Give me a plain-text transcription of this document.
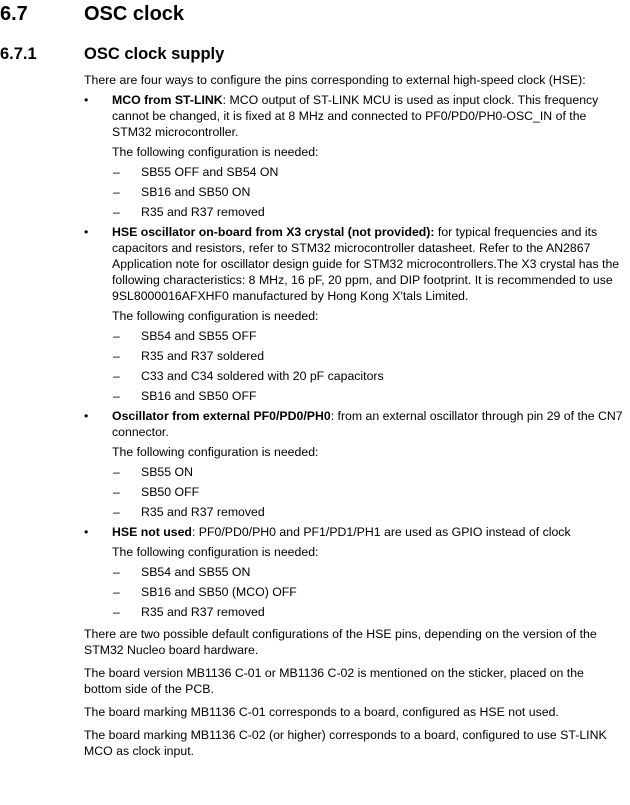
6.7	OSC clock
6.7.1	OSC clock supply

There are four ways to configure the pins corresponding to external high-speed clock (HSE):

• MCO from ST-LINK: MCO output of ST-LINK MCU is used as input clock. This frequency cannot be changed, it is fixed at 8 MHz and connected to PF0/PD0/PH0-OSC_IN of the STM32 microcontroller.
The following configuration is needed:
– SB55 OFF and SB54 ON
– SB16 and SB50 ON
– R35 and R37 removed
• HSE oscillator on-board from X3 crystal (not provided): for typical frequencies and its capacitors and resistors, refer to STM32 microcontroller datasheet. Refer to the AN2867 Application note for oscillator design guide for STM32 microcontrollers.The X3 crystal has the following characteristics: 8 MHz, 16 pF, 20 ppm, and DIP footprint. It is recommended to use 9SL8000016AFXHF0 manufactured by Hong Kong X'tals Limited.
The following configuration is needed:
– SB54 and SB55 OFF
– R35 and R37 soldered
– C33 and C34 soldered with 20 pF capacitors
– SB16 and SB50 OFF
• Oscillator from external PF0/PD0/PH0: from an external oscillator through pin 29 of the CN7 connector.
The following configuration is needed:
– SB55 ON
– SB50 OFF
– R35 and R37 removed
• HSE not used: PF0/PD0/PH0 and PF1/PD1/PH1 are used as GPIO instead of clock
The following configuration is needed:
– SB54 and SB55 ON
– SB16 and SB50 (MCO) OFF
– R35 and R37 removed

There are two possible default configurations of the HSE pins, depending on the version of the STM32 Nucleo board hardware.

The board version MB1136 C-01 or MB1136 C-02 is mentioned on the sticker, placed on the bottom side of the PCB.

The board marking MB1136 C-01 corresponds to a board, configured as HSE not used.

The board marking MB1136 C-02 (or higher) corresponds to a board, configured to use ST-LINK MCO as clock input.
